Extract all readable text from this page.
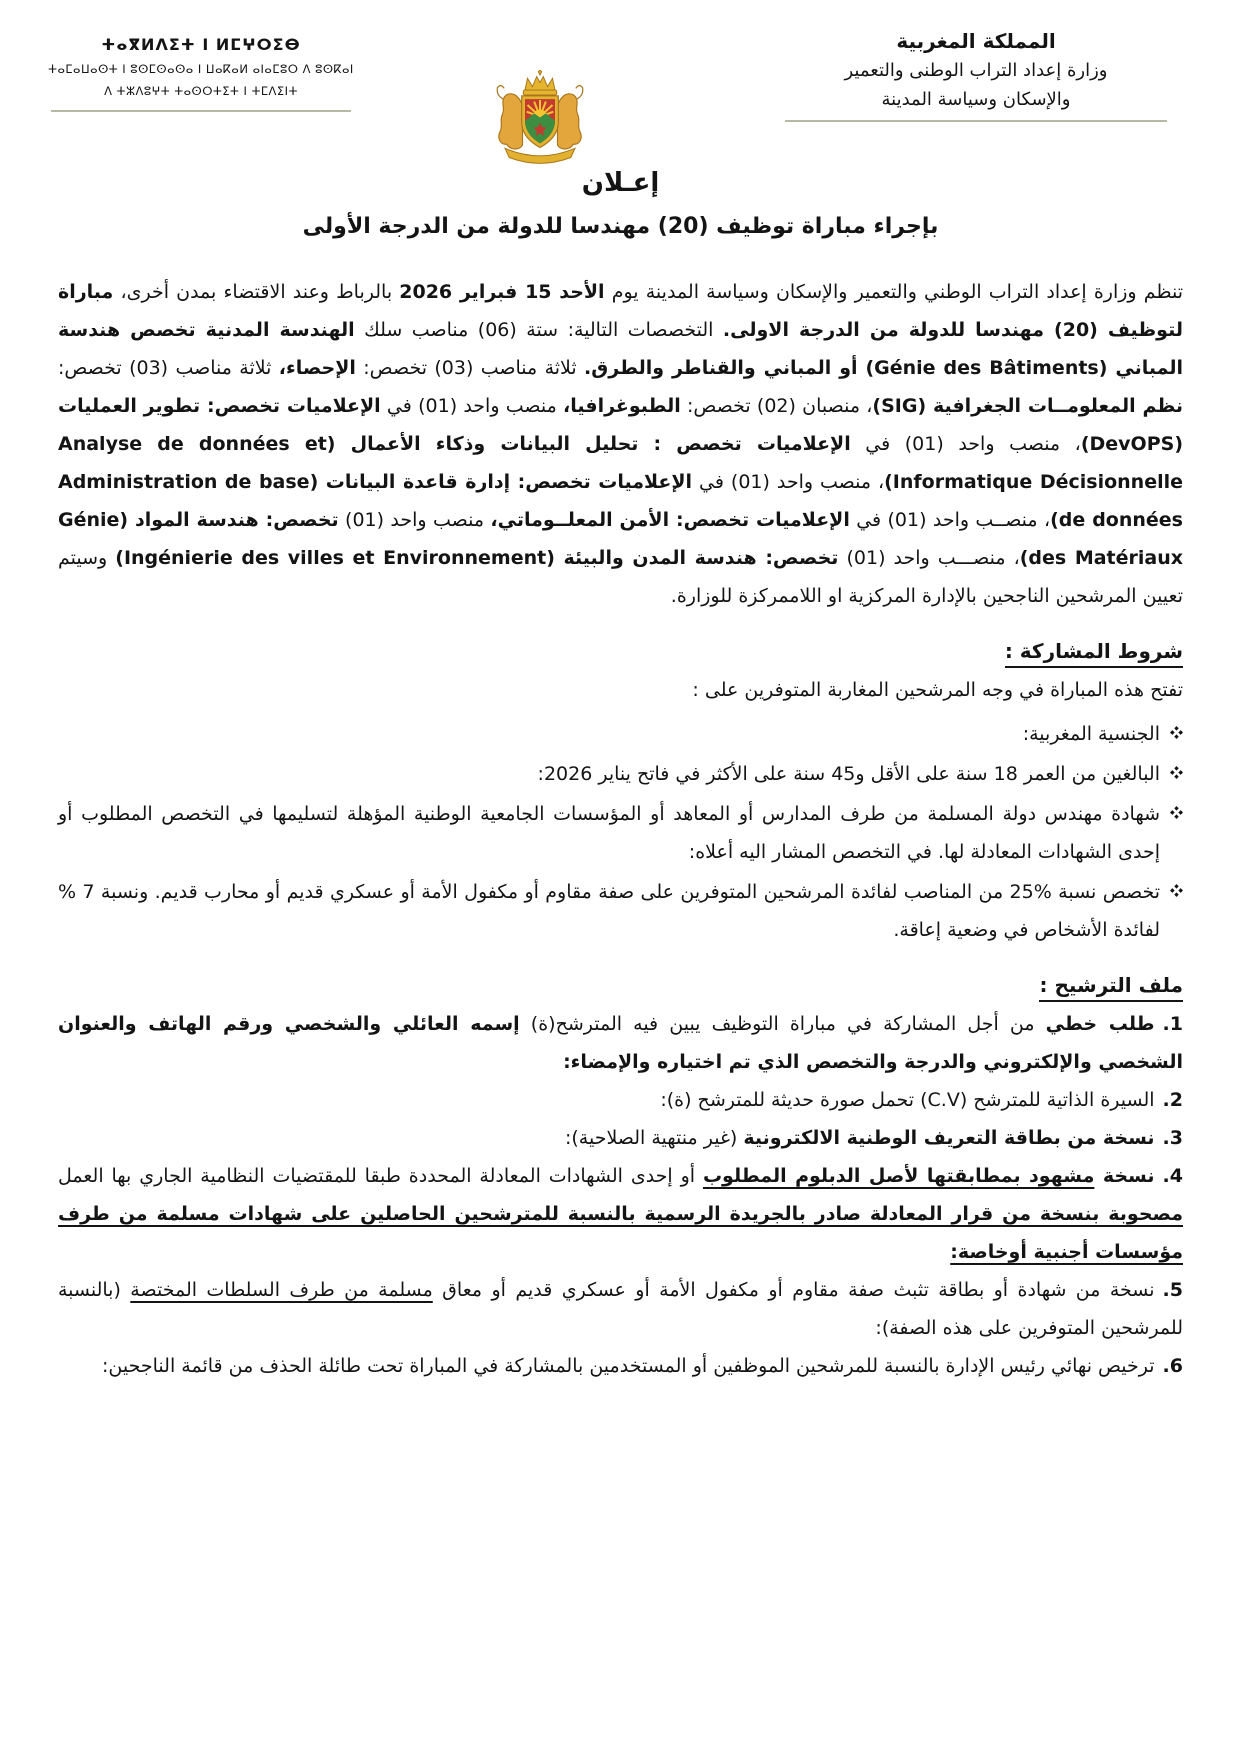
المملكة المغربية
وزارة إعداد التراب الوطنى والتعمير
والإسكان وسياسة المدينة
ⵜⴰⴳⵍⴷⵉⵜ ⵏ ⵍⵎⵖⵔⵉⴱ
ⵜⴰⵎⴰⵡⴰⵙⵜ ⵏ ⵓⵙⵎⵙⴰⵙⴰ ⵏ ⵡⴰⴽⴰⵍ ⴰⵏⴰⵎⵓⵔ ⴷ ⵓⵙⴽⴰⵏ
ⴷ ⵜⵣⴷⵓⵖⵜ ⵜⴰⵙⵔⵜⵉⵜ ⵏ ⵜⵎⴷⵉⵏⵜ
إعـلان
بإجراء مباراة توظيف (20) مهندسا للدولة من الدرجة الأولى

تنظم وزارة إعداد التراب الوطني والتعمير والإسكان وسياسة المدينة يوم الأحد 15 فبراير 2026 بالرباط وعند الاقتضاء بمدن أخرى، مباراة لتوظيف (20) مهندسا للدولة من الدرجة الاولى. التخصصات التالية: ستة (06) مناصب سلك الهندسة المدنية تخصص هندسة المباني (Génie des Bâtiments) أو المباني والقناطر والطرق. ثلاثة مناصب (03) تخصص: الإحصاء، ثلاثة مناصب (03) تخصص: نظم المعلومــات الجغرافية (SIG)، منصبان (02) تخصص: الطبوغرافيا، منصب واحد (01) في الإعلاميات تخصص: تطوير العمليات (DevOPS)، منصب واحد (01) في الإعلاميات تخصص : تحليل البيانات وذكاء الأعمال (Analyse de données et Informatique Décisionnelle)، منصب واحد (01) في الإعلاميات تخصص: إدارة قاعدة البيانات (Administration de base de données)، منصــب واحد (01) في الإعلاميات تخصص: الأمن المعلــوماتي، منصب واحد (01) تخصص: هندسة المواد (Génie des Matériaux)، منصـــب واحد (01) تخصص: هندسة المدن والبيئة (Ingénierie des villes et Environnement) وسيتم تعيين المرشحين الناجحين بالإدارة المركزية او اللاممركزة للوزارة.

شروط المشاركة :
تفتح هذه المباراة في وجه المرشحين المغاربة المتوفرين على :
الجنسية المغربية:
البالغين من العمر 18 سنة على الأقل و45 سنة على الأكثر في فاتح يناير 2026:
شهادة مهندس دولة المسلمة من طرف المدارس أو المعاهد أو المؤسسات الجامعية الوطنية المؤهلة لتسليمها في التخصص المطلوب أو إحدى الشهادات المعادلة لها. في التخصص المشار اليه أعلاه:
تخصص نسبة %25 من المناصب لفائدة المرشحين المتوفرين على صفة مقاوم أو مكفول الأمة أو عسكري قديم أو محارب قديم. ونسبة 7 % لفائدة الأشخاص في وضعية إعاقة.
ملف الترشيح :
1.طلب خطي من أجل المشاركة في مباراة التوظيف يبين فيه المترشح(ة) إسمه العائلي والشخصي ورقم الهاتف والعنوان الشخصي والإلكتروني والدرجة والتخصص الذي تم اختياره والإمضاء:
2.السيرة الذاتية للمترشح (C.V) تحمل صورة حديثة للمترشح (ة):
3.نسخة من بطاقة التعريف الوطنية الالكترونية (غير منتهية الصلاحية):
4.نسخة مشهود بمطابقتها لأصل الدبلوم المطلوب أو إحدى الشهادات المعادلة المحددة طبقا للمقتضيات النظامية الجاري بها العمل مصحوبة بنسخة من قرار المعادلة صادر بالجريدة الرسمية بالنسبة للمترشحين الحاصلين على شهادات مسلمة من طرف مؤسسات أجنبية أوخاصة:
5.نسخة من شهادة أو بطاقة تثبث صفة مقاوم أو مكفول الأمة أو عسكري قديم أو معاق مسلمة من طرف السلطات المختصة (بالنسبة للمرشحين المتوفرين على هذه الصفة):
6.ترخيص نهائي رئيس الإدارة بالنسبة للمرشحين الموظفين أو المستخدمين بالمشاركة في المباراة تحت طائلة الحذف من قائمة الناجحين:
